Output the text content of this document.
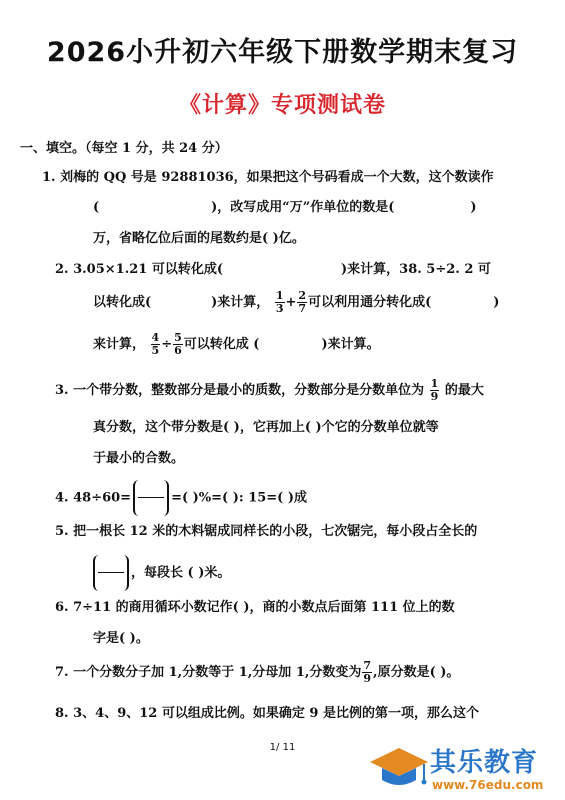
2026小升初六年级下册数学期末复习
《计算》专项测试卷
一、填空。（每空 1 分，共 24 分）
1. 刘梅的 QQ 号是 92881036，如果把这个号码看成一个大数，这个数读作
(	)，改写成用“万”作单位的数是(	)
万，省略亿位后面的尾数约是( )亿。
2. 3.05×1.21 可以转化成(	)来计算，38. 5÷2. 2 可
以转化成(	)来计算， $\frac{1}{3} + \frac{2}{7}$ 可以利用通分转化成(	)
来计算， $\frac{4}{5} \div \frac{5}{6}$ 可以转化成 (	)来计算。
3. 一个带分数，整数部分是最小的质数，分数部分是分数单位为 $\frac{1}{9}$ 的最大
真分数，这个带分数是( )，它再加上( )个它的分数单位就等
于最小的合数。
4. 48÷60=	=( )%=( ): 15=( )成
5. 把一根长 12 米的木料锯成同样长的小段，七次锯完，每小段占全长的
，每段长 ( )米。
6. 7÷11 的商用循环小数记作( )，商的小数点后面第 111 位上的数
字是( )。
7. 一个分数分子加 1,分数等于 1,分母加 1,分数变为 $\frac{7}{9}$ ,原分数是( )。
8. 3、4、9、12 可以组成比例。如果确定 9 是比例的第一项，那么这个
1/ 11
其乐教育
www.76edu.com
